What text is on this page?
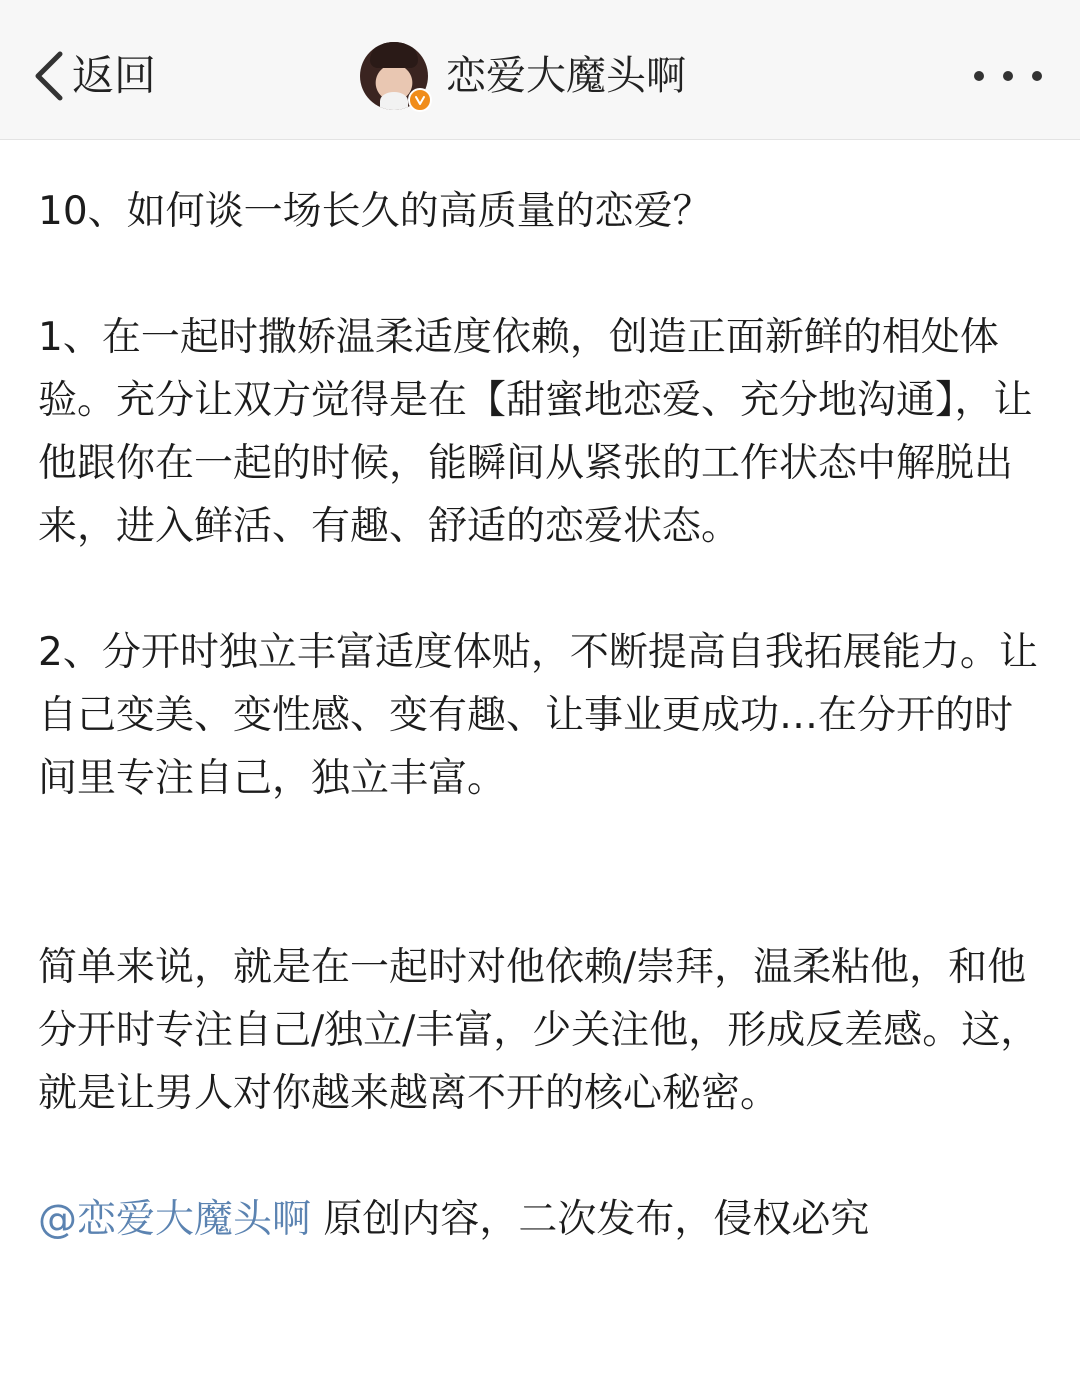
返回	恋爱大魔头啊

10、如何谈一场长久的高质量的恋爱？

1、在一起时撒娇温柔适度依赖，创造正面新鲜的相处体验。充分让双方觉得是在【甜蜜地恋爱、充分地沟通】，让他跟你在一起的时候，能瞬间从紧张的工作状态中解脱出来，进入鲜活、有趣、舒适的恋爱状态。

2、分开时独立丰富适度体贴，不断提高自我拓展能力。让自己变美、变性感、变有趣、让事业更成功…在分开的时间里专注自己，独立丰富。

简单来说，就是在一起时对他依赖/崇拜，温柔粘他，和他分开时专注自己/独立/丰富，少关注他，形成反差感。这，就是让男人对你越来越离不开的核心秘密。

@恋爱大魔头啊 原创内容，二次发布，侵权必究
